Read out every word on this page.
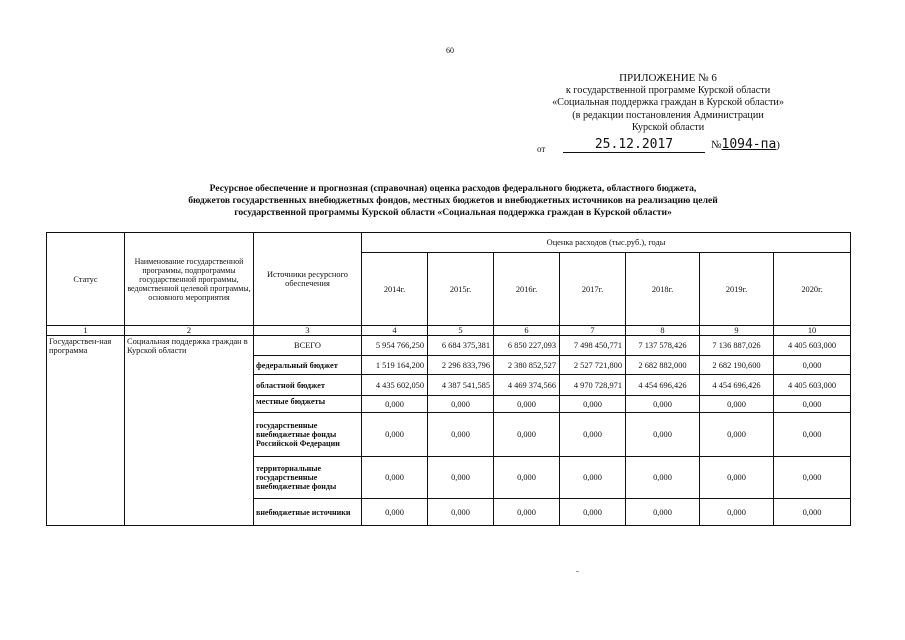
60
ПРИЛОЖЕНИЕ № 6
к государственной программе Курской области
«Социальная поддержка граждан в Курской области»
(в редакции постановления Администрации
Курской области
от	25.12.2017	№1094-па)
Ресурсное обеспечение и прогнозная (справочная) оценка расходов федерального бюджета, областного бюджета,
бюджетов государственных внебюджетных фондов, местных бюджетов и внебюджетных источников на реализацию целей
государственной программы Курской области «Социальная поддержка граждан в Курской области»
Статус	Наименование государственной программы, подпрограммы государственной программы, ведомственной целевой программы, основного мероприятия	Источники ресурсного обеспечения	Оценка расходов (тыс.руб.), годы						
			2014г.	2015г.	2016г.	2017г.	2018г.	2019г.	2020г.
1	2	3	4	5	6	7	8	9	10
Государствен-ная программа	Социальная поддержка граждан в Курской области	ВСЕГО	5 954 766,250	6 684 375,381	6 850 227,093	7 498 450,771	7 137 578,426	7 136 887,026	4 405 603,000
		федеральный бюджет	1 519 164,200	2 296 833,796	2 380 852,527	2 527 721,800	2 682 882,000	2 682 190,600	0,000
		областной бюджет	4 435 602,050	4 387 541,585	4 469 374,566	4 970 728,971	4 454 696,426	4 454 696,426	4 405 603,000
		местные бюджеты	0,000	0,000	0,000	0,000	0,000	0,000	0,000
		государственные внебюджетные фонды Российской Федерации	0,000	0,000	0,000	0,000	0,000	0,000	0,000
		территориальные государственные внебюджетные фонды	0,000	0,000	0,000	0,000	0,000	0,000	0,000
		внебюджетные источники	0,000	0,000	0,000	0,000	0,000	0,000	0,000
